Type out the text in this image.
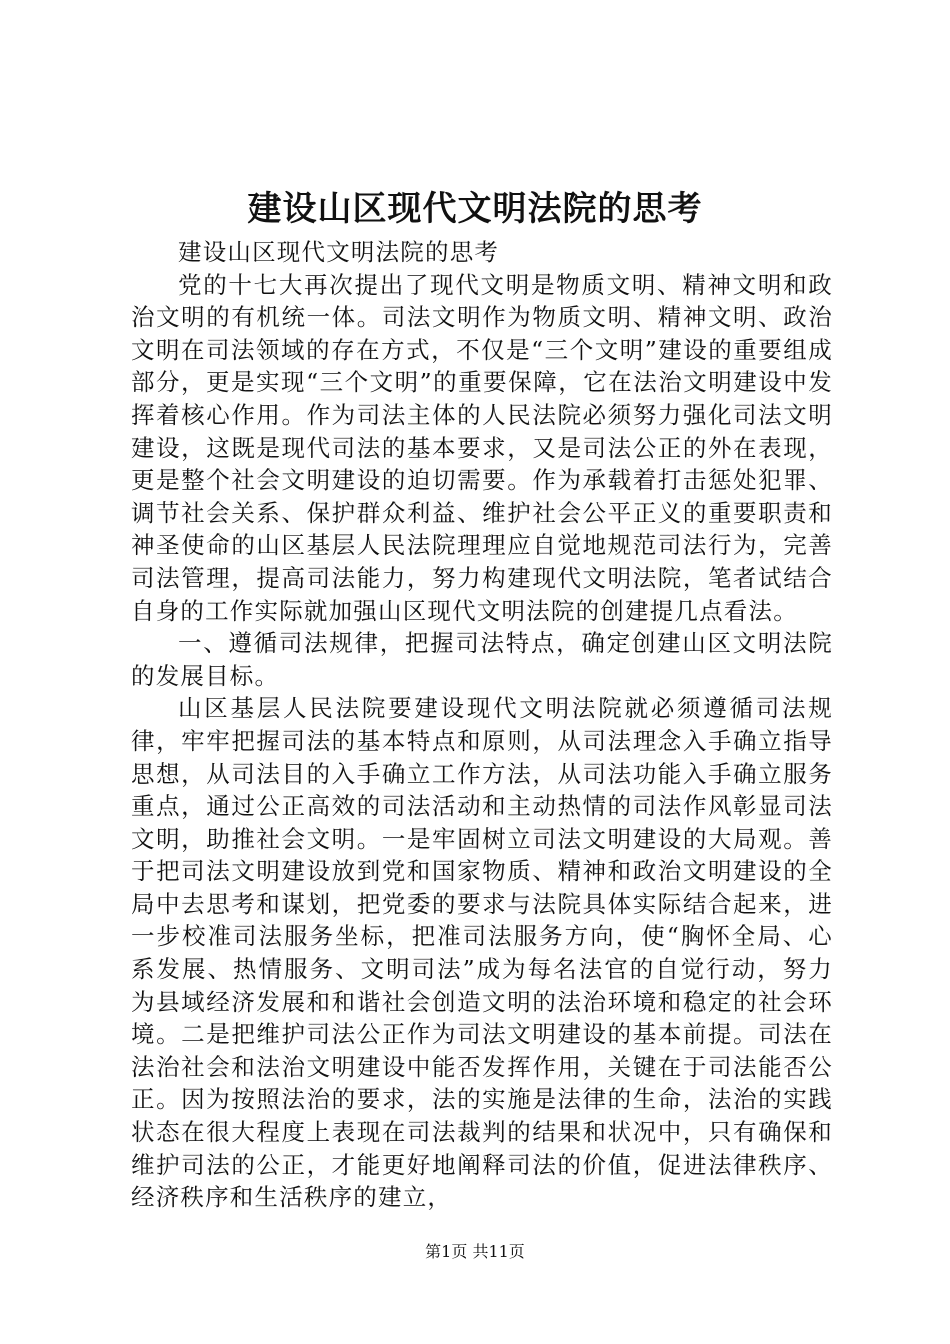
建设山区现代文明法院的思考

建设山区现代文明法院的思考

党的十七大再次提出了现代文明是物质文明、精神文明和政治文明的有机统一体。司法文明作为物质文明、精神文明、政治文明在司法领域的存在方式，不仅是“三个文明”建设的重要组成部分，更是实现“三个文明”的重要保障，它在法治文明建设中发挥着核心作用。作为司法主体的人民法院必须努力强化司法文明建设，这既是现代司法的基本要求，又是司法公正的外在表现，更是整个社会文明建设的迫切需要。作为承载着打击惩处犯罪、调节社会关系、保护群众利益、维护社会公平正义的重要职责和神圣使命的山区基层人民法院理理应自觉地规范司法行为，完善司法管理，提高司法能力，努力构建现代文明法院，笔者试结合自身的工作实际就加强山区现代文明法院的创建提几点看法。

一、遵循司法规律，把握司法特点，确定创建山区文明法院的发展目标。

山区基层人民法院要建设现代文明法院就必须遵循司法规律，牢牢把握司法的基本特点和原则，从司法理念入手确立指导思想，从司法目的入手确立工作方法，从司法功能入手确立服务重点，通过公正高效的司法活动和主动热情的司法作风彰显司法文明，助推社会文明。一是牢固树立司法文明建设的大局观。善于把司法文明建设放到党和国家物质、精神和政治文明建设的全局中去思考和谋划，把党委的要求与法院具体实际结合起来，进一步校准司法服务坐标，把准司法服务方向，使“胸怀全局、心系发展、热情服务、文明司法”成为每名法官的自觉行动，努力为县域经济发展和和谐社会创造文明的法治环境和稳定的社会环境。二是把维护司法公正作为司法文明建设的基本前提。司法在法治社会和法治文明建设中能否发挥作用，关键在于司法能否公正。因为按照法治的要求，法的实施是法律的生命，法治的实践状态在很大程度上表现在司法裁判的结果和状况中，只有确保和维护司法的公正，才能更好地阐释司法的价值，促进法律秩序、经济秩序和生活秩序的建立，

第1页 共11页
